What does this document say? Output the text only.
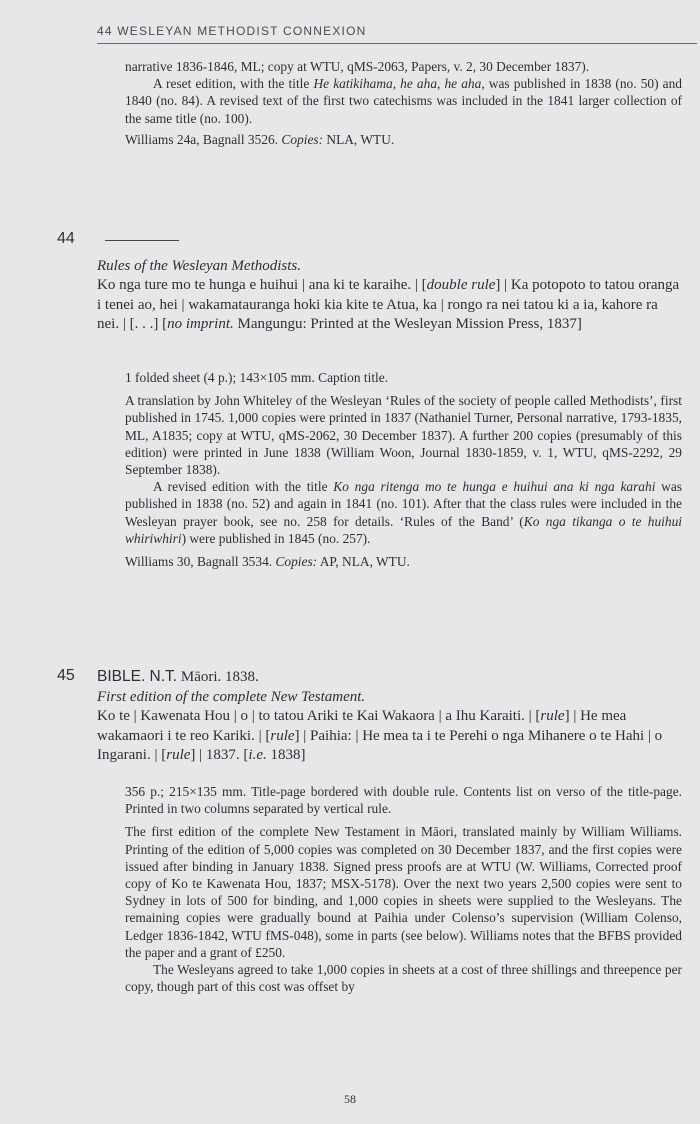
44 WESLEYAN METHODIST CONNEXION

narrative 1836-1846, ML; copy at WTU, qMS-2063, Papers, v. 2, 30 December 1837).

A reset edition, with the title He katikihama, he aha, he aha, was published in 1838 (no. 50) and 1840 (no. 84). A revised text of the first two catechisms was included in the 1841 larger collection of the same title (no. 100).

Williams 24a, Bagnall 3526. Copies: NLA, WTU.

44

Rules of the Wesleyan Methodists.

Ko nga ture mo te hunga e huihui | ana ki te karaihe. | [double rule] | Ka potopoto to tatou oranga i tenei ao, hei | wakamatauranga hoki kia kite te Atua, ka | rongo ra nei tatou ki a ia, kahore ra nei. | [. . .] [no imprint. Mangungu: Printed at the Wesleyan Mission Press, 1837]

1 folded sheet (4 p.); 143×105 mm. Caption title.

A translation by John Whiteley of the Wesleyan ‘Rules of the society of people called Methodists’, first published in 1745. 1,000 copies were printed in 1837 (Nathaniel Turner, Personal narrative, 1793-1835, ML, A1835; copy at WTU, qMS-2062, 30 December 1837). A further 200 copies (presumably of this edition) were printed in June 1838 (William Woon, Journal 1830-1859, v. 1, WTU, qMS-2292, 29 September 1838).

A revised edition with the title Ko nga ritenga mo te hunga e huihui ana ki nga karahi was published in 1838 (no. 52) and again in 1841 (no. 101). After that the class rules were included in the Wesleyan prayer book, see no. 258 for details. ‘Rules of the Band’ (Ko nga tikanga o te huihui whiriwhiri) were published in 1845 (no. 257).

Williams 30, Bagnall 3534. Copies: AP, NLA, WTU.

45 BIBLE. N.T. Māori. 1838.

First edition of the complete New Testament.

Ko te | Kawenata Hou | o | to tatou Ariki te Kai Wakaora | a Ihu Karaiti. | [rule] | He mea wakamaori i te reo Kariki. | [rule] | Paihia: | He mea ta i te Perehi o nga Mihanere o te Hahi | o Ingarani. | [rule] | 1837. [i.e. 1838]

356 p.; 215×135 mm. Title-page bordered with double rule. Contents list on verso of the title-page. Printed in two columns separated by vertical rule.

The first edition of the complete New Testament in Māori, translated mainly by William Williams. Printing of the edition of 5,000 copies was completed on 30 December 1837, and the first copies were issued after binding in January 1838. Signed press proofs are at WTU (W. Williams, Corrected proof copy of Ko te Kawenata Hou, 1837; MSX-5178). Over the next two years 2,500 copies were sent to Sydney in lots of 500 for binding, and 1,000 copies in sheets were supplied to the Wesleyans. The remaining copies were gradually bound at Paihia under Colenso’s supervision (William Colenso, Ledger 1836-1842, WTU fMS-048), some in parts (see below). Williams notes that the BFBS provided the paper and a grant of £250.

The Wesleyans agreed to take 1,000 copies in sheets at a cost of three shillings and threepence per copy, though part of this cost was offset by

58
